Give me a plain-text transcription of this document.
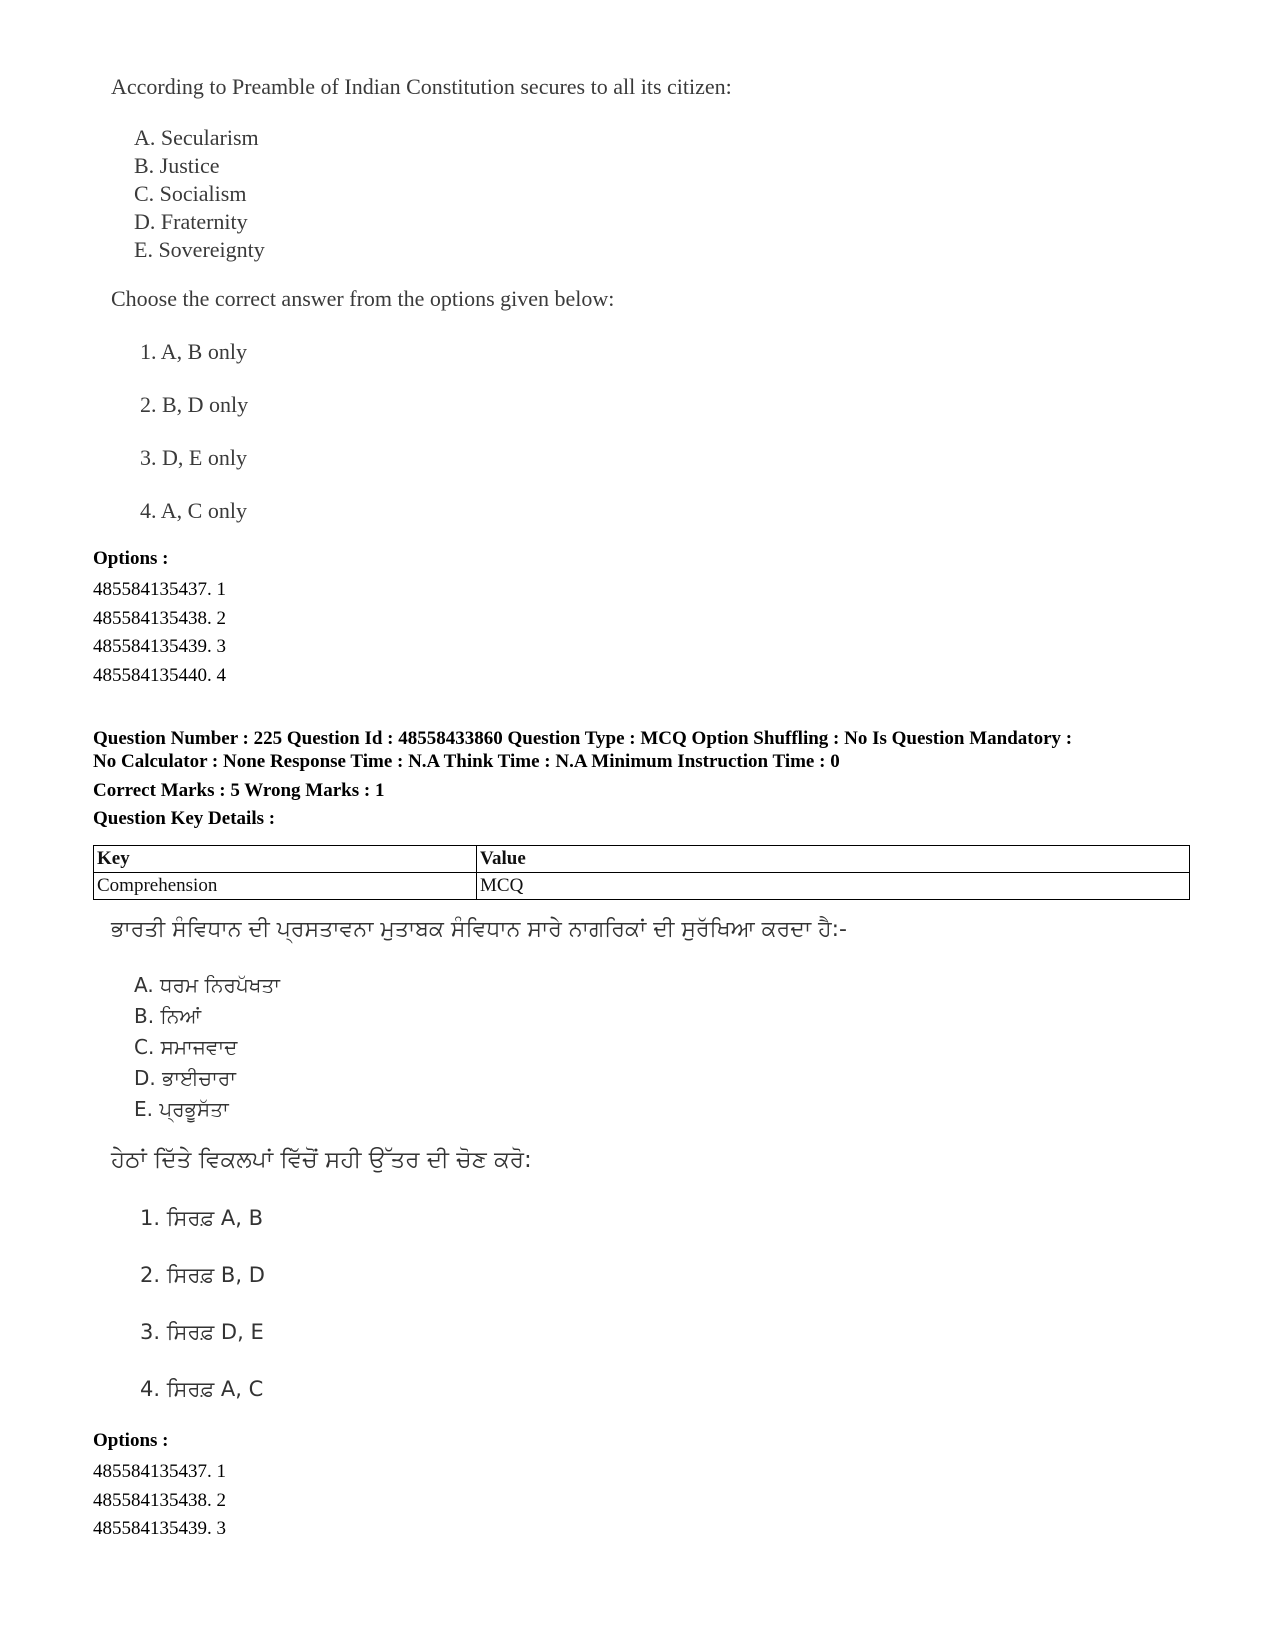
According to Preamble of Indian Constitution secures to all its citizen:
A. Secularism
B. Justice
C. Socialism
D. Fraternity
E. Sovereignty
Choose the correct answer from the options given below:
1. A, B only
2. B, D only
3. D, E only
4. A, C only
Options :
485584135437. 1
485584135438. 2
485584135439. 3
485584135440. 4
Question Number : 225 Question Id : 48558433860 Question Type : MCQ Option Shuffling : No Is Question Mandatory :
No Calculator : None Response Time : N.A Think Time : N.A Minimum Instruction Time : 0
Correct Marks : 5 Wrong Marks : 1
Question Key Details :
Key	Value
Comprehension	MCQ
ਭਾਰਤੀ ਸੰਵਿਧਾਨ ਦੀ ਪ੍ਰਸਤਾਵਨਾ ਮੁਤਾਬਕ ਸੰਵਿਧਾਨ ਸਾਰੇ ਨਾਗਰਿਕਾਂ ਦੀ ਸੁਰੱਖਿਆ ਕਰਦਾ ਹੈ:-
A. ਧਰਮ ਨਿਰਪੱਖਤਾ
B. ਨਿਆਂ
C. ਸਮਾਜਵਾਦ
D. ਭਾਈਚਾਰਾ
E. ਪ੍ਰਭੂਸੱਤਾ
ਹੇਠਾਂ ਦਿੱਤੇ ਵਿਕਲਪਾਂ ਵਿੱਚੋਂ ਸਹੀ ਉੱਤਰ ਦੀ ਚੋਣ ਕਰੋ:
1. ਸਿਰਫ਼ A, B
2. ਸਿਰਫ਼ B, D
3. ਸਿਰਫ਼ D, E
4. ਸਿਰਫ਼ A, C
Options :
485584135437. 1
485584135438. 2
485584135439. 3
